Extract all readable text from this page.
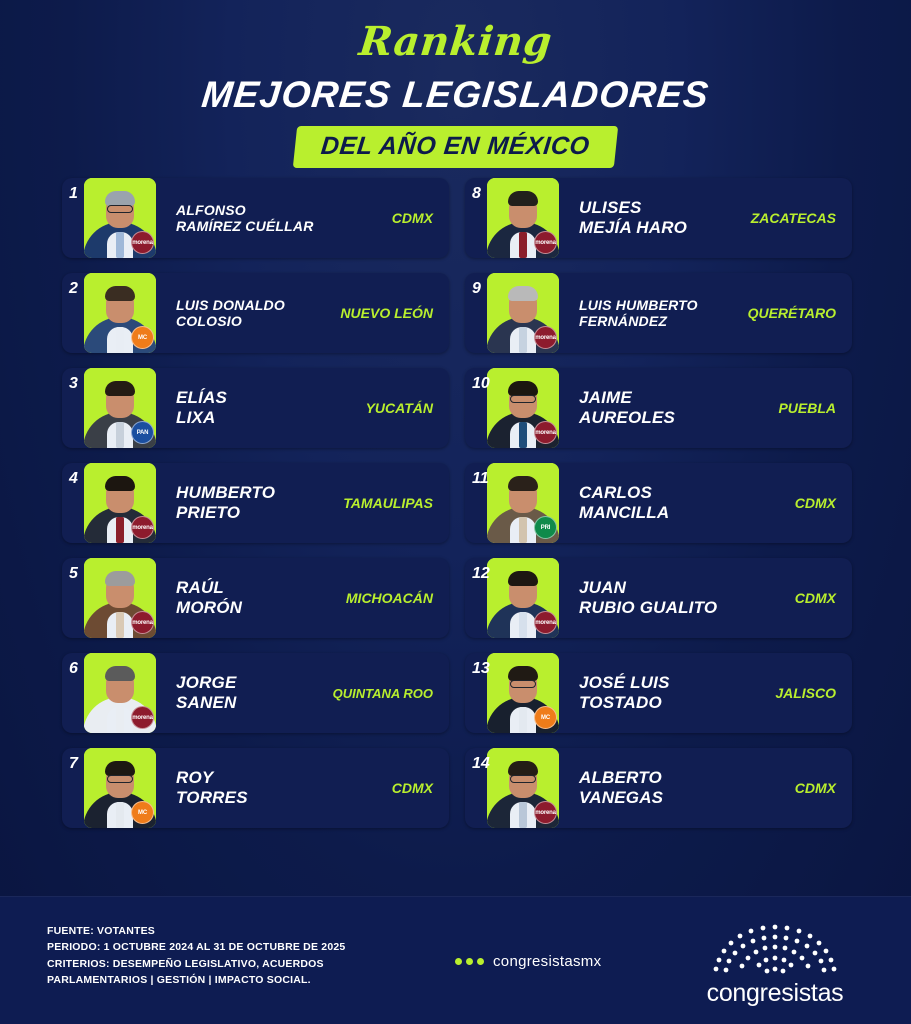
Ranking
MEJORES LEGISLADORES
DEL AÑO EN MÉXICO
1
morena
ALFONSO
RAMÍREZ CUÉLLAR	CDMX
2
MC
LUIS DONALDO
COLOSIO	NUEVO LEÓN
3
PAN
ELÍAS
LIXA	YUCATÁN
4
morena
HUMBERTO
PRIETO	TAMAULIPAS
5
morena
RAÚL
MORÓN	MICHOACÁN
6
morena
JORGE
SANEN	QUINTANA ROO
7
MC
ROY
TORRES	CDMX
8
morena
ULISES
MEJÍA HARO	ZACATECAS
9
morena
LUIS HUMBERTO
FERNÁNDEZ	QUERÉTARO
10
morena
JAIME
AUREOLES	PUEBLA
11
PRI
CARLOS
MANCILLA	CDMX
12
morena
JUAN
RUBIO GUALITO	CDMX
13
MC
JOSÉ LUIS
TOSTADO	JALISCO
14
morena
ALBERTO
VANEGAS	CDMX
FUENTE: VOTANTES
PERIODO: 1 OCTUBRE 2024 AL 31 DE OCTUBRE DE 2025
CRITERIOS: DESEMPEÑO LEGISLATIVO, ACUERDOS
PARLAMENTARIOS | GESTIÓN | IMPACTO SOCIAL.
congresistasmx
congresistas
